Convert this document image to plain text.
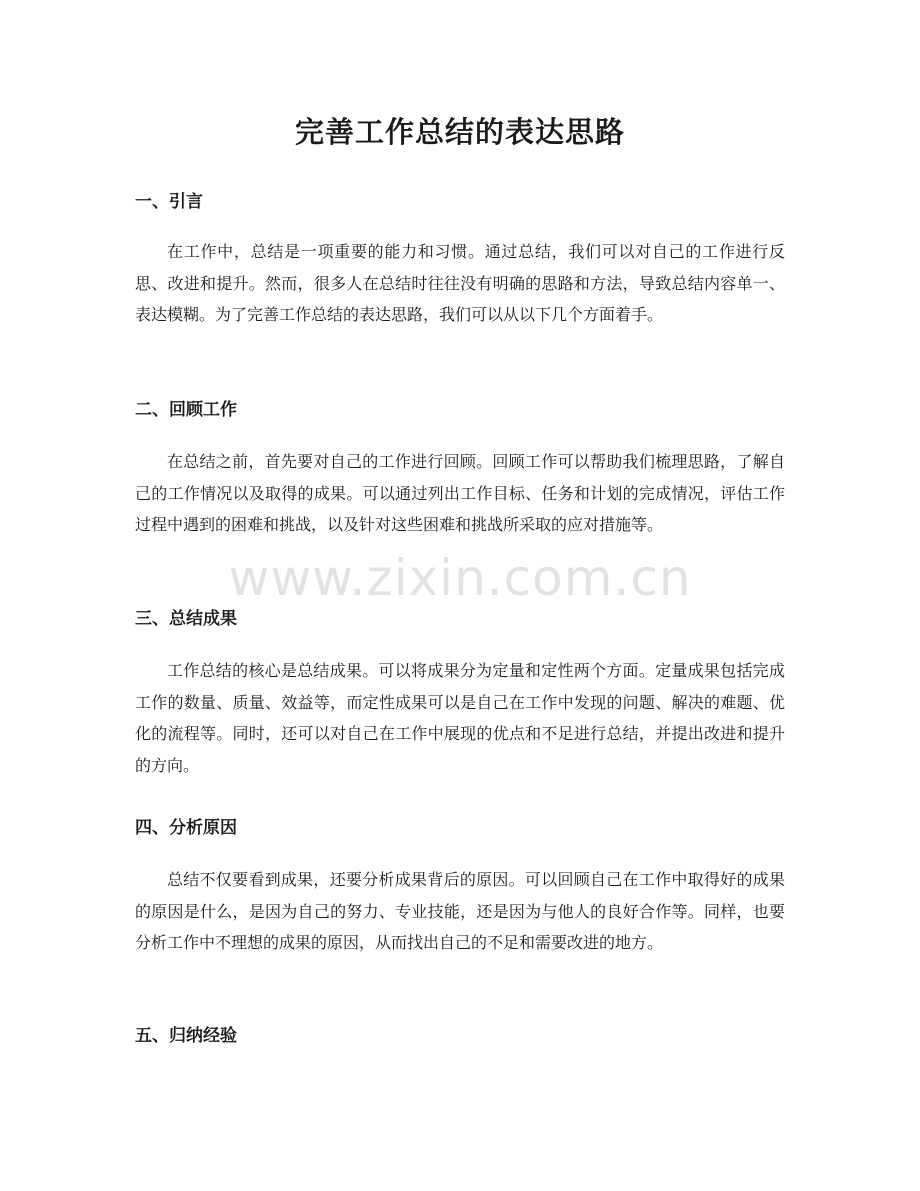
完善工作总结的表达思路
一、引言

在工作中，总结是一项重要的能力和习惯。通过总结，我们可以对自己的工作进行反思、改进和提升。然而，很多人在总结时往往没有明确的思路和方法，导致总结内容单一、表达模糊。为了完善工作总结的表达思路，我们可以从以下几个方面着手。

二、回顾工作

在总结之前，首先要对自己的工作进行回顾。回顾工作可以帮助我们梳理思路，了解自己的工作情况以及取得的成果。可以通过列出工作目标、任务和计划的完成情况，评估工作过程中遇到的困难和挑战，以及针对这些困难和挑战所采取的应对措施等。

三、总结成果

工作总结的核心是总结成果。可以将成果分为定量和定性两个方面。定量成果包括完成工作的数量、质量、效益等，而定性成果可以是自己在工作中发现的问题、解决的难题、优化的流程等。同时，还可以对自己在工作中展现的优点和不足进行总结，并提出改进和提升的方向。

四、分析原因

总结不仅要看到成果，还要分析成果背后的原因。可以回顾自己在工作中取得好的成果的原因是什么，是因为自己的努力、专业技能，还是因为与他人的良好合作等。同样，也要分析工作中不理想的成果的原因，从而找出自己的不足和需要改进的地方。

五、归纳经验
www.zixin.com.cn
